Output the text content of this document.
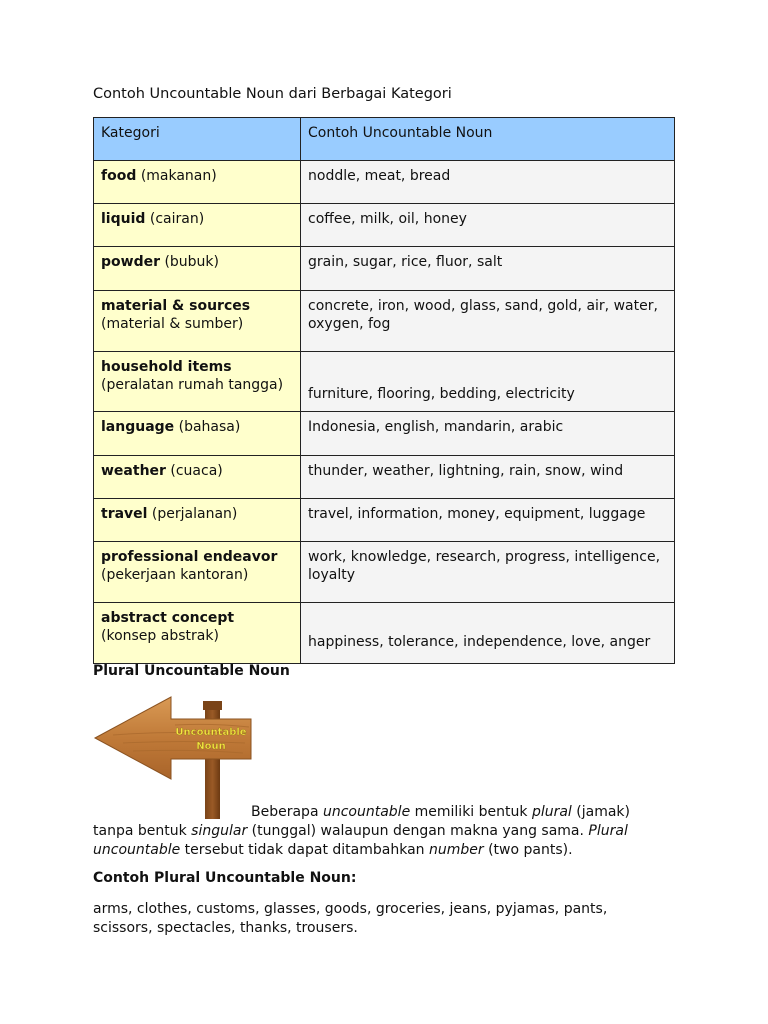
Contoh Uncountable Noun dari Berbagai Kategori
Kategori	Contoh Uncountable Noun
food (makanan)	noddle, meat, bread
liquid (cairan)	coffee, milk, oil, honey
powder (bubuk)	grain, sugar, rice, fluor, salt
material & sources
(material & sumber)	concrete, iron, wood, glass, sand, gold, air, water, oxygen, fog
household items
(peralatan rumah tangga)	furniture, flooring, bedding, electricity
language (bahasa)	Indonesia, english, mandarin, arabic
weather (cuaca)	thunder, weather, lightning, rain, snow, wind
travel (perjalanan)	travel, information, money, equipment, luggage
professional endeavor
(pekerjaan kantoran)	work, knowledge, research, progress, intelligence, loyalty
abstract concept
(konsep abstrak)	happiness, tolerance, independence, love, anger
Plural Uncountable Noun
Uncountable
Noun
Beberapa uncountable memiliki bentuk plural (jamak) tanpa bentuk singular (tunggal) walaupun dengan makna yang sama. Plural uncountable tersebut tidak dapat ditambahkan number (two pants).
Contoh Plural Uncountable Noun:
arms, clothes, customs, glasses, goods, groceries, jeans, pyjamas, pants, scissors, spectacles, thanks, trousers.
